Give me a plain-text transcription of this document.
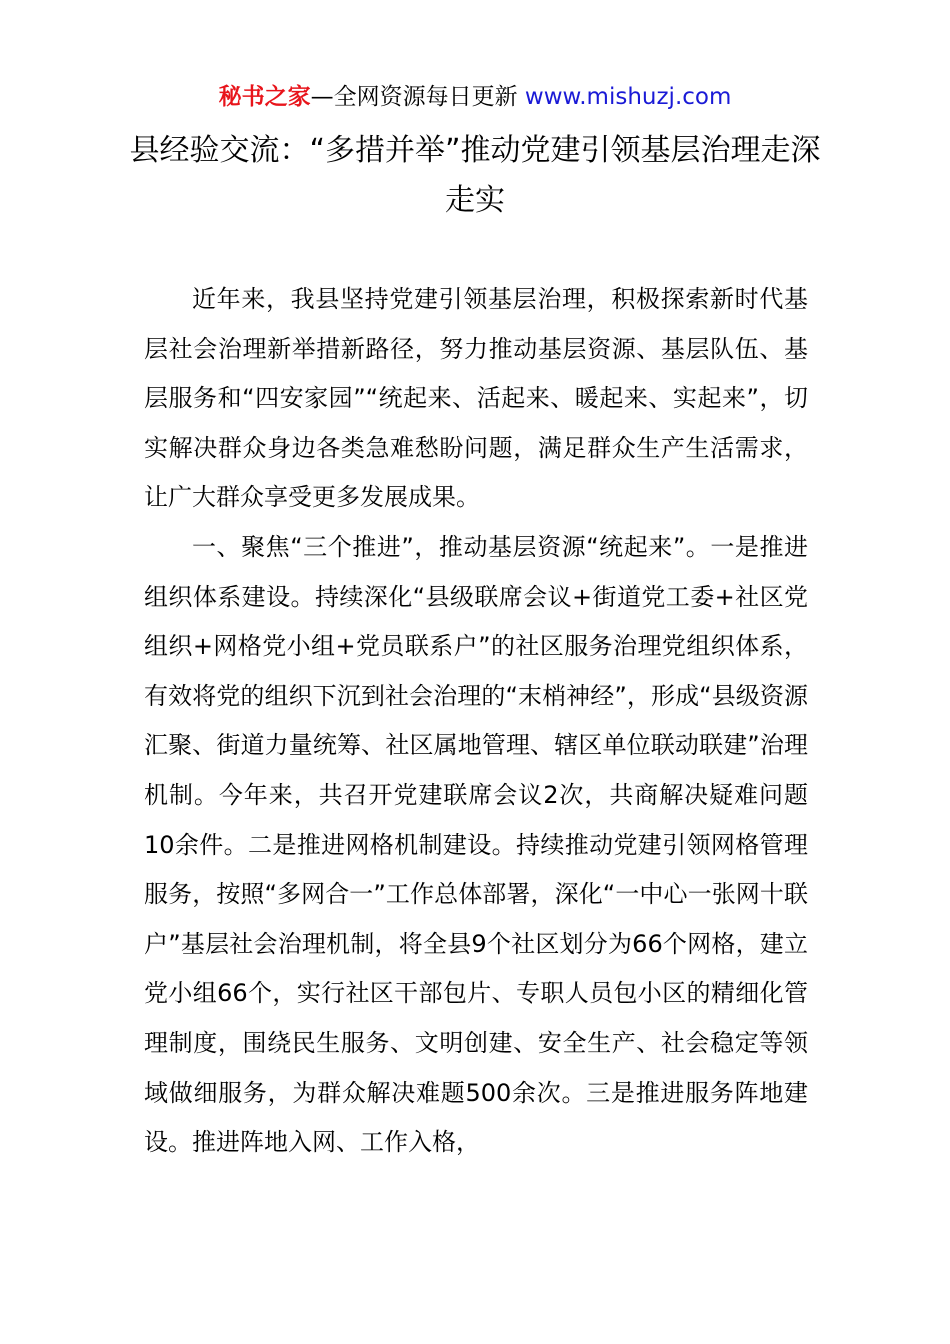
秘书之家—全网资源每日更新 www.mishuzj.com
县经验交流：“多措并举”推动党建引领基层治理走深走实

近年来，我县坚持党建引领基层治理，积极探索新时代基层社会治理新举措新路径，努力推动基层资源、基层队伍、基层服务和“四安家园”“统起来、活起来、暖起来、实起来”，切实解决群众身边各类急难愁盼问题，满足群众生产生活需求，让广大群众享受更多发展成果。

一、聚焦“三个推进”，推动基层资源“统起来”。一是推进组织体系建设。持续深化“县级联席会议+街道党工委+社区党组织+网格党小组+党员联系户”的社区服务治理党组织体系，有效将党的组织下沉到社会治理的“末梢神经”，形成“县级资源汇聚、街道力量统筹、社区属地管理、辖区单位联动联建”治理机制。今年来，共召开党建联席会议2次，共商解决疑难问题10余件。二是推进网格机制建设。持续推动党建引领网格管理服务，按照“多网合一”工作总体部署，深化“一中心一张网十联户”基层社会治理机制，将全县9个社区划分为66个网格，建立党小组66个，实行社区干部包片、专职人员包小区的精细化管理制度，围绕民生服务、文明创建、安全生产、社会稳定等领域做细服务，为群众解决难题500余次。三是推进服务阵地建设。推进阵地入网、工作入格，
